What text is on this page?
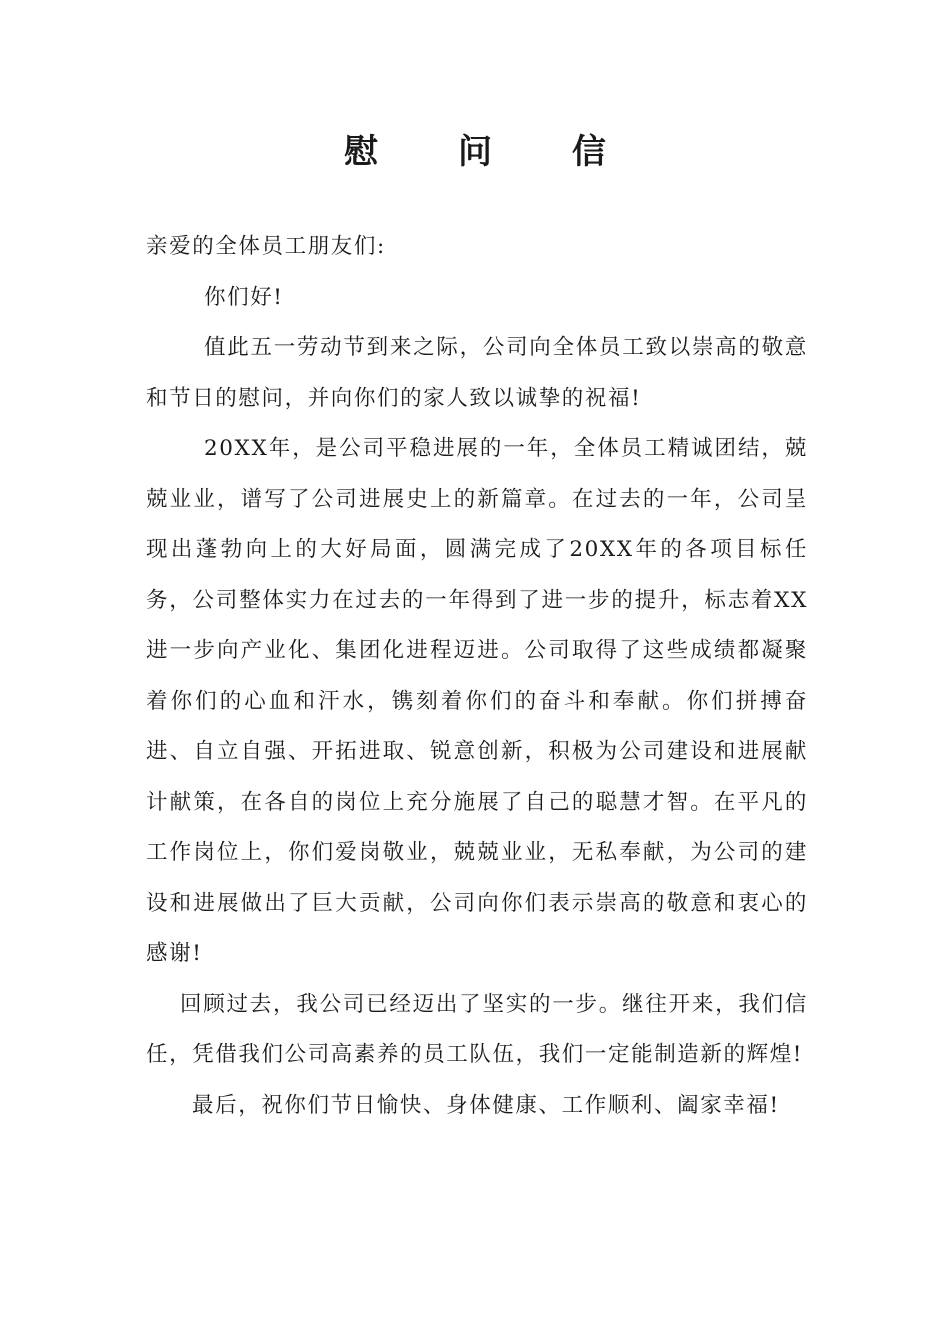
慰 问 信

亲爱的全体员工朋友们:

你们好!

值此五一劳动节到来之际，公司向全体员工致以崇高的敬意和节日的慰问，并向你们的家人致以诚挚的祝福!

20XX年，是公司平稳进展的一年，全体员工精诚团结，兢兢业业，谱写了公司进展史上的新篇章。在过去的一年，公司呈现出蓬勃向上的大好局面，圆满完成了20XX年的各项目标任务，公司整体实力在过去的一年得到了进一步的提升，标志着XX进一步向产业化、集团化进程迈进。公司取得了这些成绩都凝聚着你们的心血和汗水，镌刻着你们的奋斗和奉献。你们拼搏奋进、自立自强、开拓进取、锐意创新，积极为公司建设和进展献计献策，在各自的岗位上充分施展了自己的聪慧才智。在平凡的工作岗位上，你们爱岗敬业，兢兢业业，无私奉献，为公司的建设和进展做出了巨大贡献，公司向你们表示崇高的敬意和衷心的感谢!

回顾过去，我公司已经迈出了坚实的一步。继往开来，我们信任，凭借我们公司高素养的员工队伍，我们一定能制造新的辉煌!

最后，祝你们节日愉快、身体健康、工作顺利、阖家幸福!
